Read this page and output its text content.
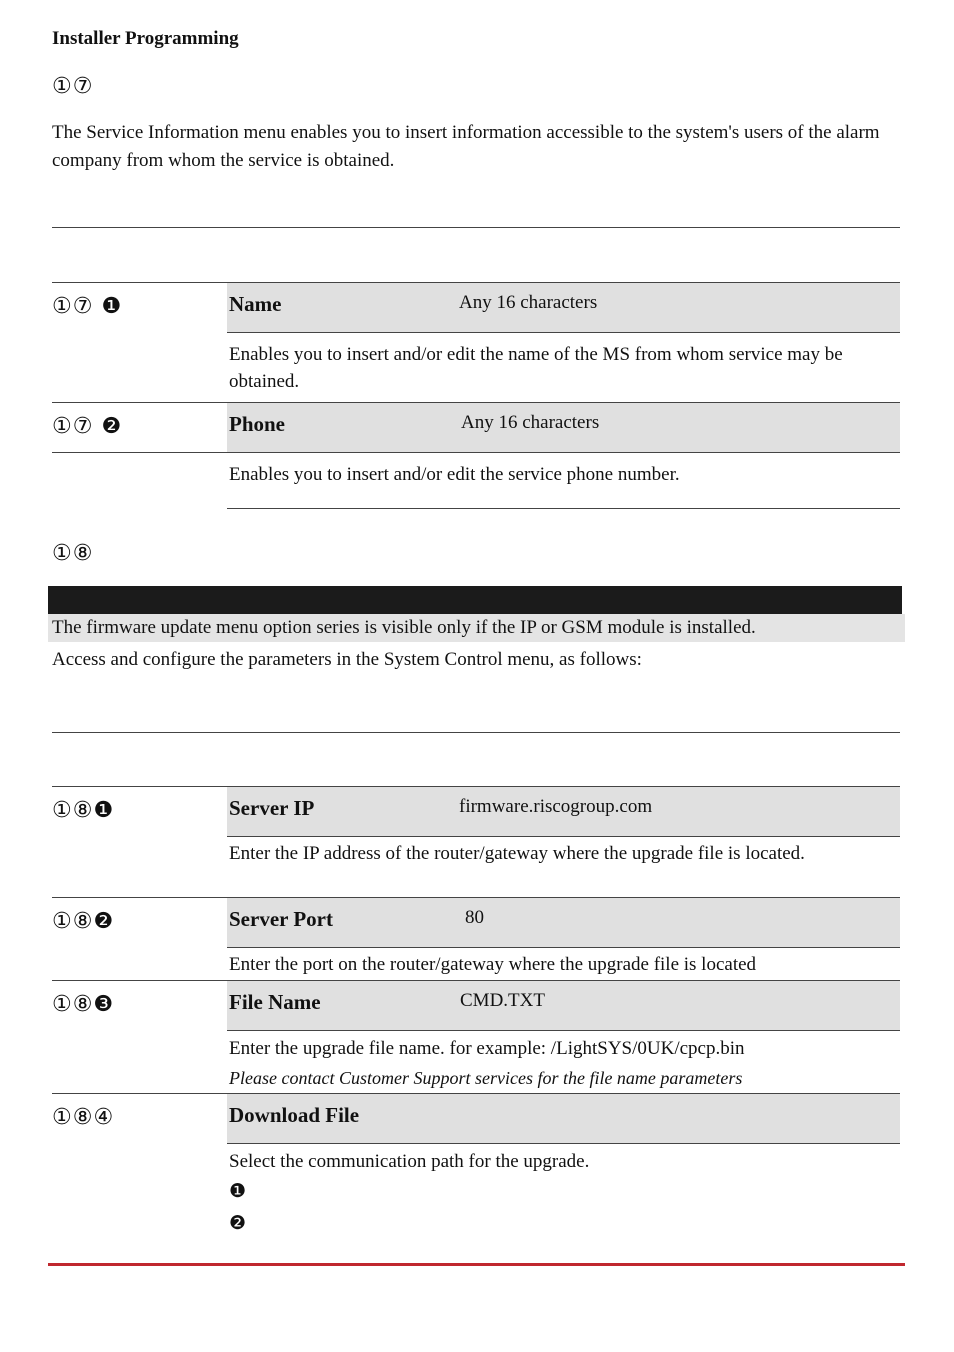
Installer Programming
①⑦
The Service Information menu enables you to insert information accessible to the system's users of the alarm company from whom the service is obtained.
①⑦ ❶	Name	Any 16 characters
Enables you to insert and/or edit the name of the MS from whom service may be obtained.
①⑦ ❷	Phone	Any 16 characters
Enables you to insert and/or edit the service phone number.
①⑧
The firmware update menu option series is visible only if the IP or GSM module is installed.
Access and configure the parameters in the System Control menu, as follows:
①⑧❶	Server IP	firmware.riscogroup.com
Enter the IP address of the router/gateway where the upgrade file is located.
①⑧❷	Server Port	80
Enter the port on the router/gateway where the upgrade file is located
①⑧❸	File Name	CMD.TXT
Enter the upgrade file name. for example: /LightSYS/0UK/cpcp.bin
Please contact Customer Support services for the file name parameters
①⑧④	Download File
Select the communication path for the upgrade.
❶
❷
